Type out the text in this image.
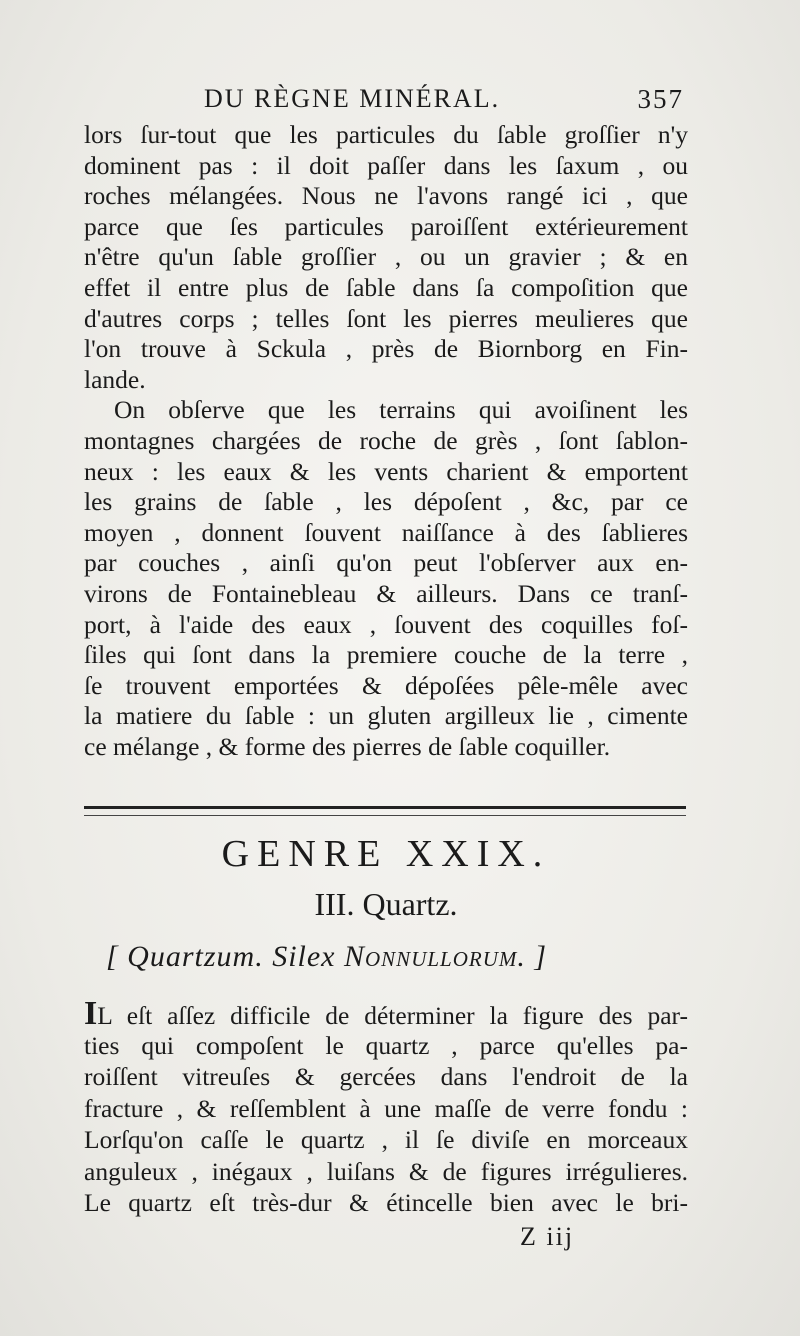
DU RÈGNE MINÉRAL.	357
lors ſur-tout que les particules du ſable groſſier n'y
dominent pas : il doit paſſer dans les ſaxum , ou
roches mélangées. Nous ne l'avons rangé ici , que
parce que ſes particules paroiſſent extérieurement
n'être qu'un ſable groſſier , ou un gravier ; & en
effet il entre plus de ſable dans ſa compoſition que
d'autres corps ; telles ſont les pierres meulieres que
l'on trouve à Sckula , près de Biornborg en Fin-
lande.
On obſerve que les terrains qui avoiſinent les
montagnes chargées de roche de grès , ſont ſablon-
neux : les eaux & les vents charient & emportent
les grains de ſable , les dépoſent , &c, par ce
moyen , donnent ſouvent naiſſance à des ſablieres
par couches , ainſi qu'on peut l'obſerver aux en-
virons de Fontainebleau & ailleurs. Dans ce tranſ-
port, à l'aide des eaux , ſouvent des coquilles foſ-
ſiles qui ſont dans la premiere couche de la terre ,
ſe trouvent emportées & dépoſées pêle-mêle avec
la matiere du ſable : un gluten argilleux lie , cimente
ce mélange , & forme des pierres de ſable coquiller.
GENRE XXIX.
III. Quartz.
[ Quartzum. Silex Nonnullorum. ]
IL eſt aſſez difficile de déterminer la figure des par-
ties qui compoſent le quartz , parce qu'elles pa-
roiſſent vitreuſes & gercées dans l'endroit de la
fracture , & reſſemblent à une maſſe de verre fondu :
Lorſqu'on caſſe le quartz , il ſe diviſe en morceaux
anguleux , inégaux , luiſans & de figures irrégulieres.
Le quartz eſt très-dur & étincelle bien avec le bri-
Z iij
